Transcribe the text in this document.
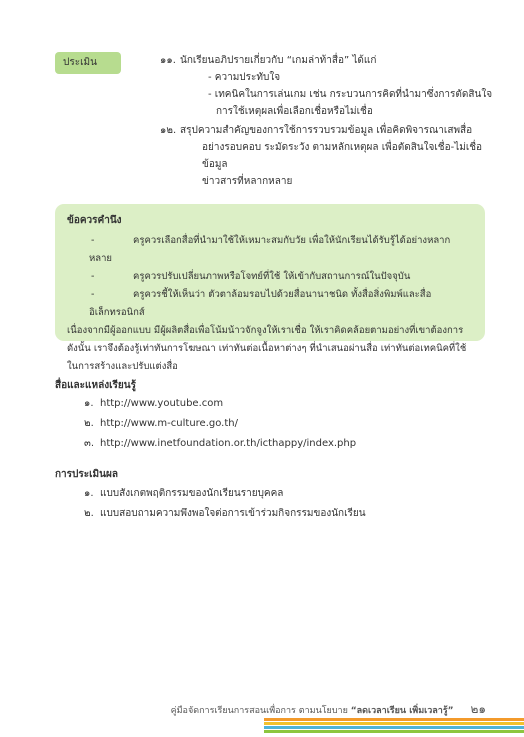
ประเมิน	๑๑. นักเรียนอภิปรายเกี่ยวกับ “เกมล่าท้าสื่อ” ได้แก่
- ความประทับใจ
- เทคนิคในการเล่นเกม เช่น กระบวนการคิดที่นำมาซึ่งการตัดสินใจ
การใช้เหตุผลเพื่อเลือกเชื่อหรือไม่เชื่อ
๑๒. สรุปความสำคัญของการใช้การรวบรวมข้อมูล เพื่อคิดพิจารณาเสพสื่อ
อย่างรอบคอบ ระมัดระวัง ตามหลักเหตุผล เพื่อตัดสินใจเชื่อ-ไม่เชื่อข้อมูล
ข่าวสารที่หลากหลาย
ข้อควรคำนึง
-	ครูควรเลือกสื่อที่นำมาใช้ให้เหมาะสมกับวัย เพื่อให้นักเรียนได้รับรู้ได้อย่างหลากหลาย
-	ครูควรปรับเปลี่ยนภาพหรือโจทย์ที่ใช้ ให้เข้ากับสถานการณ์ในปัจจุบัน
-	ครูควรชี้ให้เห็นว่า ตัวตาล้อมรอบไปด้วยสื่อนานาชนิด ทั้งสื่อสิ่งพิมพ์และสื่ออิเล็กทรอนิกส์
เนื่องจากมีผู้ออกแบบ มีผู้ผลิตสื่อเพื่อโน้มน้าวจักจูงให้เราเชื่อ ให้เราคิดคล้อยตามอย่างที่เขาต้องการ
ดังนั้น เราจึงต้องรู้เท่าทันการโฆษณา เท่าทันต่อเนื้อหาต่างๆ ที่นำเสนอผ่านสื่อ เท่าทันต่อเทคนิคที่ใช้
ในการสร้างและปรับแต่งสื่อ
สื่อและแหล่งเรียนรู้
๑. http://www.youtube.com
๒. http://www.m-culture.go.th/
๓. http://www.inetfoundation.or.th/icthappy/index.php
การประเมินผล
๑. แบบสังเกตพฤติกรรมของนักเรียนรายบุคคล
๒. แบบสอบถามความพึงพอใจต่อการเข้าร่วมกิจกรรมของนักเรียน
คู่มือจัดการเรียนการสอนเพื่อการ ตามนโยบาย “ลดเวลาเรียน เพิ่มเวลารู้” ๒๑
